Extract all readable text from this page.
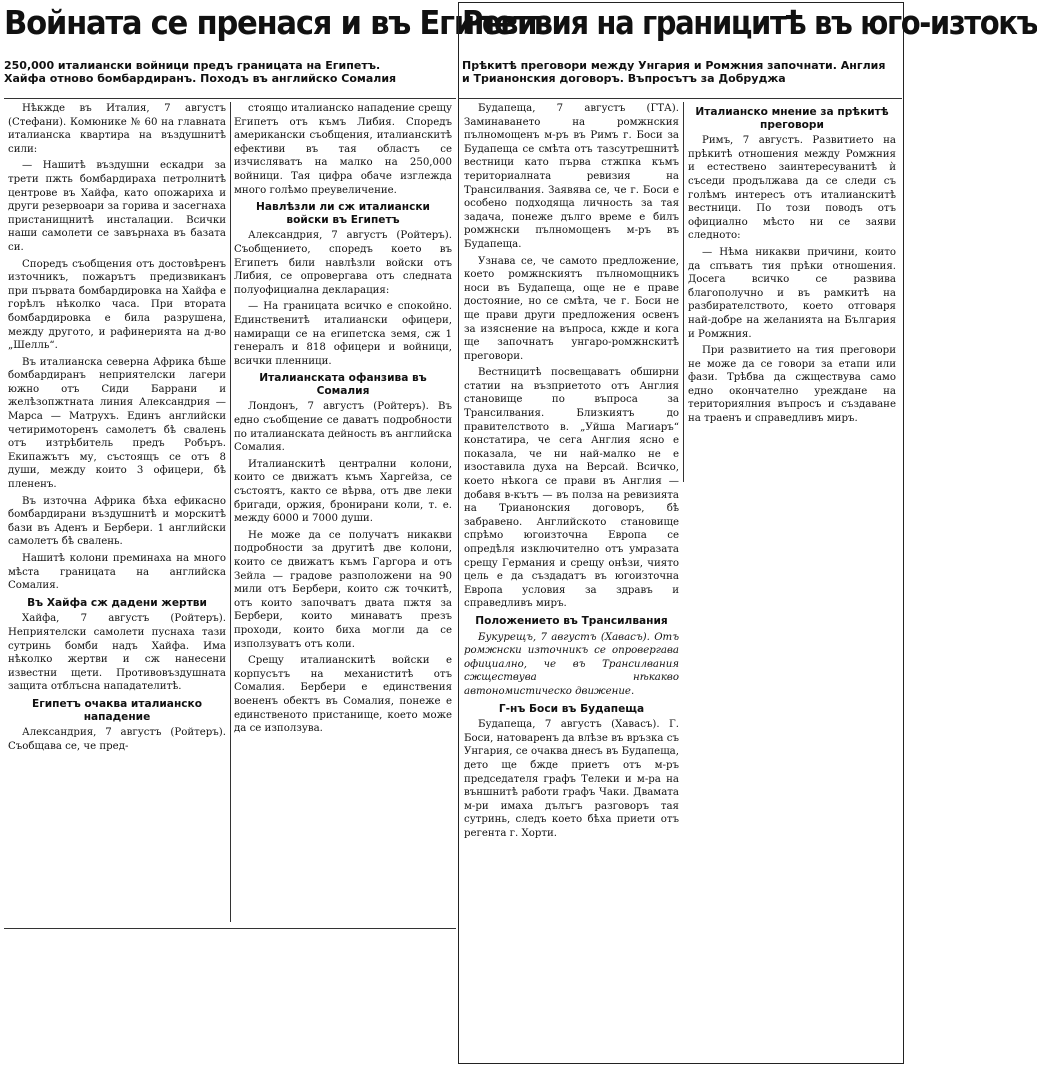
Войната се пренася и въ Египетъ

250,000 италиански войници предъ границата на Египетъ. Хайфа отново бомбардиранъ. Походъ въ английско Сомалия

Нѣкжде въ Италия, 7 августъ (Стефани). Комюнике № 60 на главната италианска квартира на въздушнитѣ сили:

— Нашитѣ въздушни ескадри за трети пжть бомбардираха петролнитѣ центрове въ Хайфа, като опожариха и други резервоари за горива и засегнаха пристанищнитѣ инсталации. Всички наши самолети се завърнаха въ базата си.

Споредъ съобщения отъ достовѣренъ източникъ, пожарътъ предизвиканъ при първата бомбардировка на Хайфа е горѣлъ нѣколко часа. При втората бомбардировка е била разрушена, между другото, и рафинерията на д-во „Шелль“.

Въ италианска северна Африка бѣше бомбардиранъ неприятелски лагери южно отъ Сиди Баррани и желѣзопжтната линия Александрия — Марса — Матрухъ. Единъ английски четиримоторенъ самолетъ бѣ свалень отъ изтрѣбитель предъ Робъръ. Екипажътъ му, състоящъ се отъ 8 души, между които 3 офицери, бѣ плененъ.

Въ източна Африка бѣха ефикасно бомбардирани въздушнитѣ и морскитѣ бази въ Аденъ и Бербери. 1 английски самолетъ бѣ свалень.

Нашитѣ колони преминаха на много мѣста границата на английска Сомалия.

Въ Хайфа сж дадени жертви

Хайфа, 7 августъ (Ройтеръ). Неприятелски самолети пуснаха тази сутринь бомби надъ Хайфа. Има нѣколко жертви и сж нанесени известни щети. Противовъздушната защита отблъсна нападателитѣ.

Египетъ очаква италианско нападение

Александрия, 7 августъ (Ройтеръ). Съобщава се, че пред-

стоящо италианско нападение срещу Египетъ отъ къмъ Либия. Споредъ американски съобщения, италианскитѣ ефективи въ тая областъ се изчисляватъ на малко на 250,000 войници. Тая цифра обаче изглежда много голѣмо преувеличение.

Навлѣзли ли сж италиански войски въ Египетъ

Александрия, 7 августъ (Ройтеръ). Съобщението, споредъ което въ Египетъ били навлѣзли войски отъ Либия, се опровергава отъ следната полуофициална декларация:

— На границата всичко е спокойно. Единственитѣ италиански офицери, намиращи се на египетска земя, сж 1 генералъ и 818 офицери и войници, всички пленници.

Италианската офанзива въ Сомалия

Лондонъ, 7 августъ (Ройтеръ). Въ едно съобщение се даватъ подробности по италианската дейность въ английска Сомалия.

Италианскитѣ централни колони, които се движатъ къмъ Харгейза, се състоятъ, както се вѣрва, отъ две леки бригади, оржия, бронирани коли, т. е. между 6000 и 7000 души.

Не може да се получатъ никакви подробности за другитѣ две колони, които се движатъ къмъ Гаргора и отъ Зейла — градове разположени на 90 мили отъ Бербери, които сж точкитѣ, отъ които започватъ двата пжтя за Бербери, които минаватъ презъ проходи, които биха могли да се използуватъ отъ коли.

Срещу италианскитѣ войски е корпусътъ на механиститѣ отъ Сомалия. Бербери е единствения воененъ обектъ въ Сомалия, понеже е единственото пристанище, което може да се използува.

Ревизия на границитѣ въ юго-изтокъ

Прѣкитѣ преговори между Унгария и Ромжния започнати. Англия и Трианонския договоръ. Въпросътъ за Добруджа

Будапеща, 7 августъ (ГТА). Заминаването на ромжнския пълномощенъ м-ръ въ Римъ г. Боси за Будапеща се смѣта отъ тазсутрешнитѣ вестници като първа стжпка къмъ териториалната ревизия на Трансилвания. Заявява се, че г. Боси е особено подходяща личность за тая задача, понеже дълго време е билъ ромжнски пълномощенъ м-ръ въ Будапеща.

Узнава се, че самото предложение, което ромжнскиятъ пълномощникъ носи въ Будапеща, още не е праве достояние, но се смѣта, че г. Боси не ще прави други предложения освенъ за изяснение на въпроса, кжде и кога ще започнатъ унгаро-ромжнскитѣ преговори.

Вестницитѣ посвещаватъ обширни статии на възприетото отъ Англия становище по въпроса за Трансилвания. Близкиятъ до правителството в. „Уйша Магиаръ“ констатира, че сега Англия ясно е показала, че ни най-малко не е изоставила духа на Версай. Всичко, което нѣкога се прави въ Англия — добавя в-кътъ — въ полза на ревизията на Трианонския договоръ, бѣ забравено. Английското становище спрѣмо югоизточна Европа се опредѣля изключително отъ умразата срещу Германия и срещу онѣзи, чиято цель е да създадатъ въ югоизточна Европа условия за здравъ и справедливъ миръ.

Положението въ Трансилвания

Букурещъ, 7 августъ (Хавасъ). Отъ ромжнски източникъ се опровергава официално, че въ Трансилвания сжществува нѣкакво автономистическо движение.

Г-нъ Боси въ Будапеща

Будапеща, 7 августъ (Хавасъ). Г. Боси, натоваренъ да влѣзе въ връзка съ Унгария, се очаква днесъ въ Будапеща, дето ще бжде приетъ отъ м-ръ председателя графъ Телеки и м-ра на външнитѣ работи графъ Чаки. Двамата м-ри имаха дълъгъ разговоръ тая сутринь, следъ което бѣха приети отъ регента г. Хорти.

Италианско мнение за прѣкитѣ преговори

Римъ, 7 августъ. Развитието на прѣкитѣ отношения между Ромжния и естествено заинтересуванитѣ ѝ съседи продължава да се следи съ голѣмъ интересъ отъ италианскитѣ вестници. По този поводъ отъ официално мѣсто ни се заяви следното:

— Нѣма никакви причини, които да спъватъ тия прѣки отношения. Досега всичко се развива благополучно и въ рамкитѣ на разбирателството, което отговаря най-добре на желанията на България и Ромжния.

При развитието на тия преговори не може да се говори за етапи или фази. Трѣбва да сжществува само едно окончателно урежданe на териториялния въпросъ и създаване на траенъ и справедливъ миръ.
